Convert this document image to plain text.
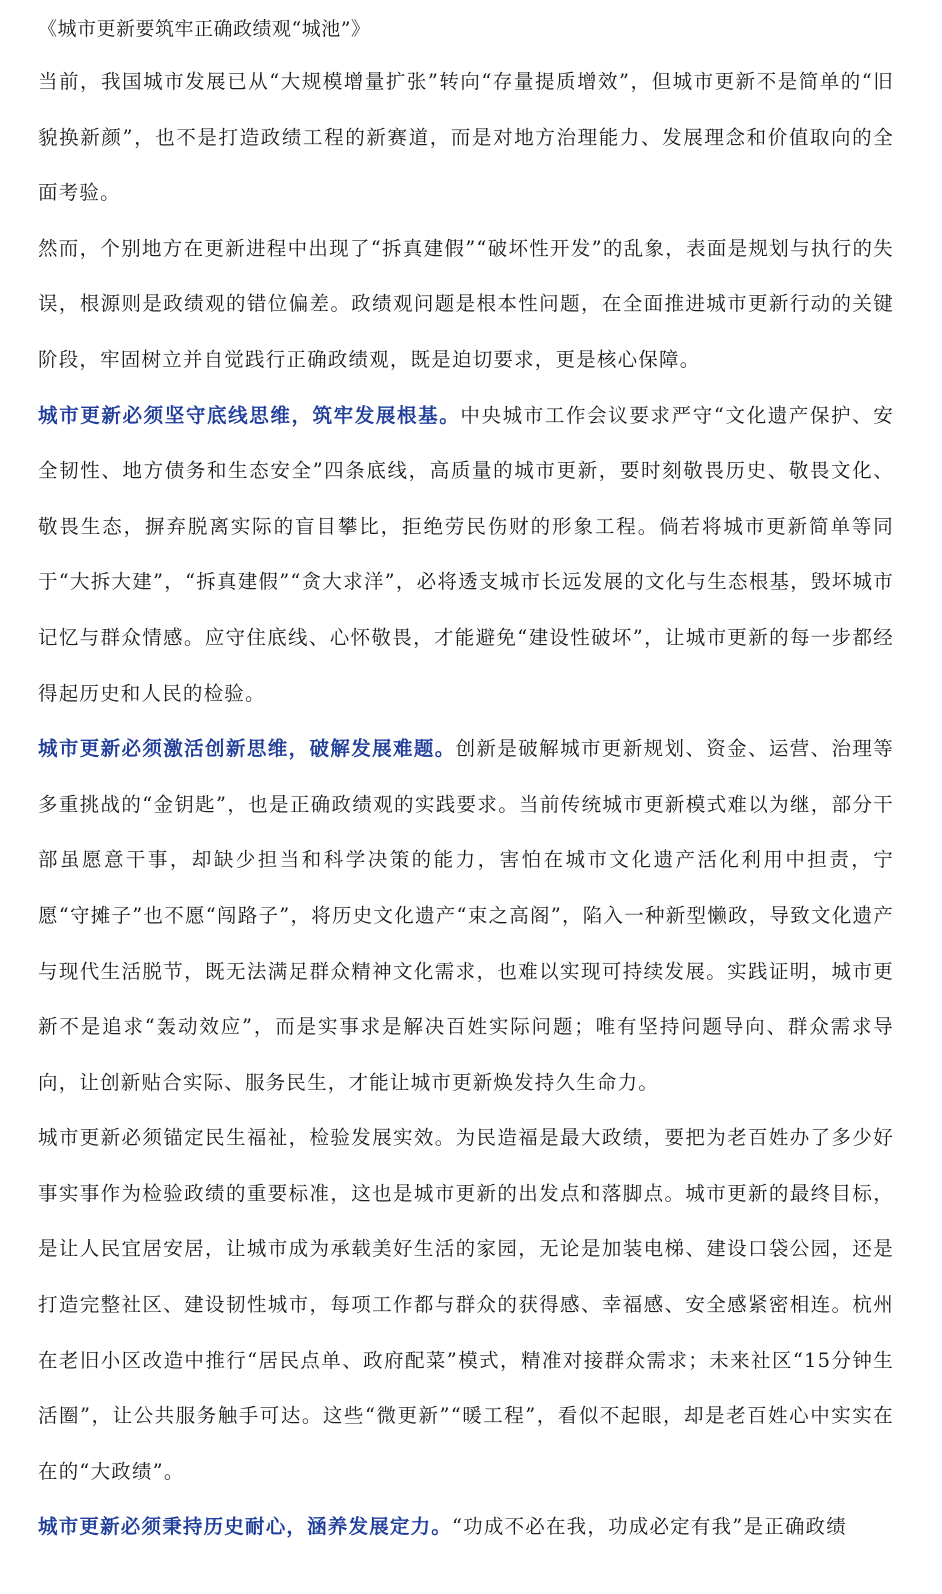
《城市更新要筑牢正确政绩观“城池”》

当前，我国城市发展已从“大规模增量扩张”转向“存量提质增效”，但城市更新不是简单的“旧貌换新颜”，也不是打造政绩工程的新赛道，而是对地方治理能力、发展理念和价值取向的全面考验。

然而，个别地方在更新进程中出现了“拆真建假”“破坏性开发”的乱象，表面是规划与执行的失误，根源则是政绩观的错位偏差。政绩观问题是根本性问题，在全面推进城市更新行动的关键阶段，牢固树立并自觉践行正确政绩观，既是迫切要求，更是核心保障。

城市更新必须坚守底线思维，筑牢发展根基。中央城市工作会议要求严守“文化遗产保护、安全韧性、地方债务和生态安全”四条底线，高质量的城市更新，要时刻敬畏历史、敬畏文化、敬畏生态，摒弃脱离实际的盲目攀比，拒绝劳民伤财的形象工程。倘若将城市更新简单等同于“大拆大建”，“拆真建假”“贪大求洋”，必将透支城市长远发展的文化与生态根基，毁坏城市记忆与群众情感。应守住底线、心怀敬畏，才能避免“建设性破坏”，让城市更新的每一步都经得起历史和人民的检验。

城市更新必须激活创新思维，破解发展难题。创新是破解城市更新规划、资金、运营、治理等多重挑战的“金钥匙”，也是正确政绩观的实践要求。当前传统城市更新模式难以为继，部分干部虽愿意干事，却缺少担当和科学决策的能力，害怕在城市文化遗产活化利用中担责，宁愿“守摊子”也不愿“闯路子”，将历史文化遗产“束之高阁”，陷入一种新型懒政，导致文化遗产与现代生活脱节，既无法满足群众精神文化需求，也难以实现可持续发展。实践证明，城市更新不是追求“轰动效应”，而是实事求是解决百姓实际问题；唯有坚持问题导向、群众需求导向，让创新贴合实际、服务民生，才能让城市更新焕发持久生命力。

城市更新必须锚定民生福祉，检验发展实效。为民造福是最大政绩，要把为老百姓办了多少好事实事作为检验政绩的重要标准，这也是城市更新的出发点和落脚点。城市更新的最终目标，是让人民宜居安居，让城市成为承载美好生活的家园，无论是加装电梯、建设口袋公园，还是打造完整社区、建设韧性城市，每项工作都与群众的获得感、幸福感、安全感紧密相连。杭州在老旧小区改造中推行“居民点单、政府配菜”模式，精准对接群众需求；未来社区“15分钟生活圈”，让公共服务触手可达。这些“微更新”“暖工程”，看似不起眼，却是老百姓心中实实在在的“大政绩”。

城市更新必须秉持历史耐心，涵养发展定力。“功成不必在我，功成必定有我”是正确政绩
